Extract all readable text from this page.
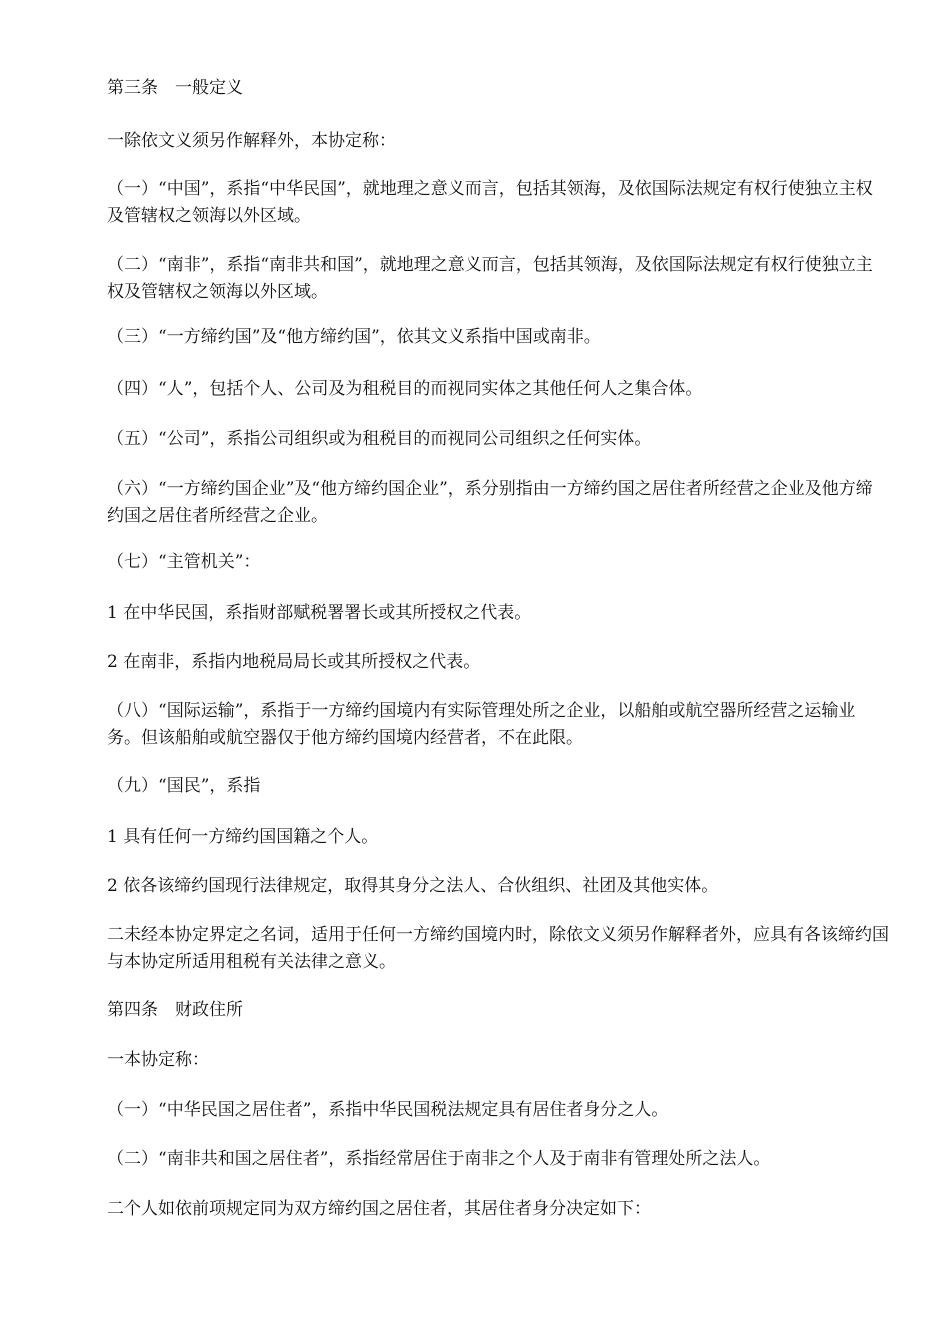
第三条　一般定义

一除依文义须另作解释外，本协定称：

（一）“中国”，系指“中华民国”，就地理之意义而言，包括其领海，及依国际法规定有权行使独立主权及管辖权之领海以外区域。

（二）“南非”，系指“南非共和国”，就地理之意义而言，包括其领海，及依国际法规定有权行使独立主权及管辖权之领海以外区域。

（三）“一方缔约国”及“他方缔约国”，依其文义系指中国或南非。

（四）“人”，包括个人、公司及为租税目的而视同实体之其他任何人之集合体。

（五）“公司”，系指公司组织或为租税目的而视同公司组织之任何实体。

（六）“一方缔约国企业”及“他方缔约国企业”，系分别指由一方缔约国之居住者所经营之企业及他方缔约国之居住者所经营之企业。

（七）“主管机关”：

1 在中华民国，系指财部赋税署署长或其所授权之代表。

2 在南非，系指内地税局局长或其所授权之代表。

（八）“国际运输”，系指于一方缔约国境内有实际管理处所之企业，以船舶或航空器所经营之运输业务。但该船舶或航空器仅于他方缔约国境内经营者，不在此限。

（九）“国民”，系指

1 具有任何一方缔约国国籍之个人。

2 依各该缔约国现行法律规定，取得其身分之法人、合伙组织、社团及其他实体。

二未经本协定界定之名词，适用于任何一方缔约国境内时，除依文义须另作解释者外，应具有各该缔约国与本协定所适用租税有关法律之意义。

第四条　财政住所

一本协定称：

（一）“中华民国之居住者”，系指中华民国税法规定具有居住者身分之人。

（二）“南非共和国之居住者”，系指经常居住于南非之个人及于南非有管理处所之法人。

二个人如依前项规定同为双方缔约国之居住者，其居住者身分决定如下：
